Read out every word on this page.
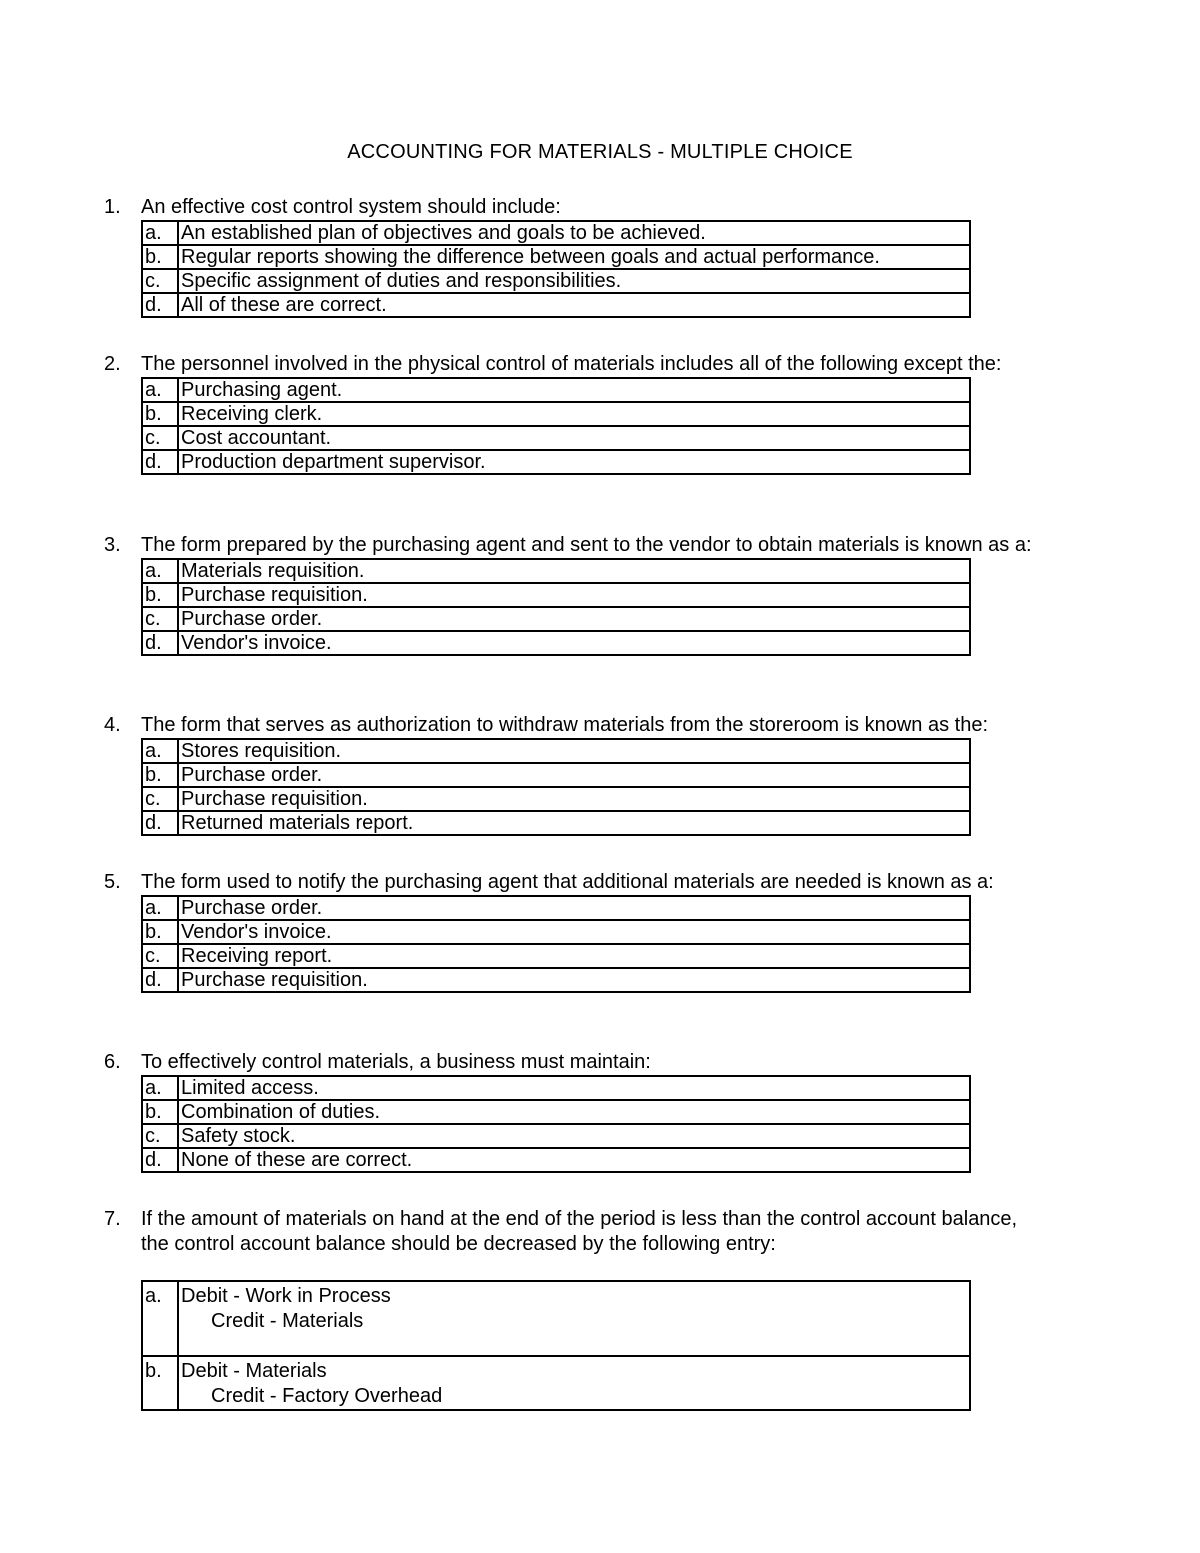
ACCOUNTING FOR MATERIALS - MULTIPLE CHOICE
1. An effective cost control system should include:
a.	An established plan of objectives and goals to be achieved.
b.	Regular reports showing the difference between goals and actual performance.
c.	Specific assignment of duties and responsibilities.
d.	All of these are correct.
2. The personnel involved in the physical control of materials includes all of the following except the:
a.	Purchasing agent.
b.	Receiving clerk.
c.	Cost accountant.
d.	Production department supervisor.
3. The form prepared by the purchasing agent and sent to the vendor to obtain materials is known as a:
a.	Materials requisition.
b.	Purchase requisition.
c.	Purchase order.
d.	Vendor's invoice.
4. The form that serves as authorization to withdraw materials from the storeroom is known as the:
a.	Stores requisition.
b.	Purchase order.
c.	Purchase requisition.
d.	Returned materials report.
5. The form used to notify the purchasing agent that additional materials are needed is known as a:
a.	Purchase order.
b.	Vendor's invoice.
c.	Receiving report.
d.	Purchase requisition.
6. To effectively control materials, a business must maintain:
a.	Limited access.
b.	Combination of duties.
c.	Safety stock.
d.	None of these are correct.
7. If the amount of materials on hand at the end of the period is less than the control account balance, the control account balance should be decreased by the following entry:
a.	Debit - Work in Process
Credit - Materials

b.	Debit - Materials
Credit - Factory Overhead
